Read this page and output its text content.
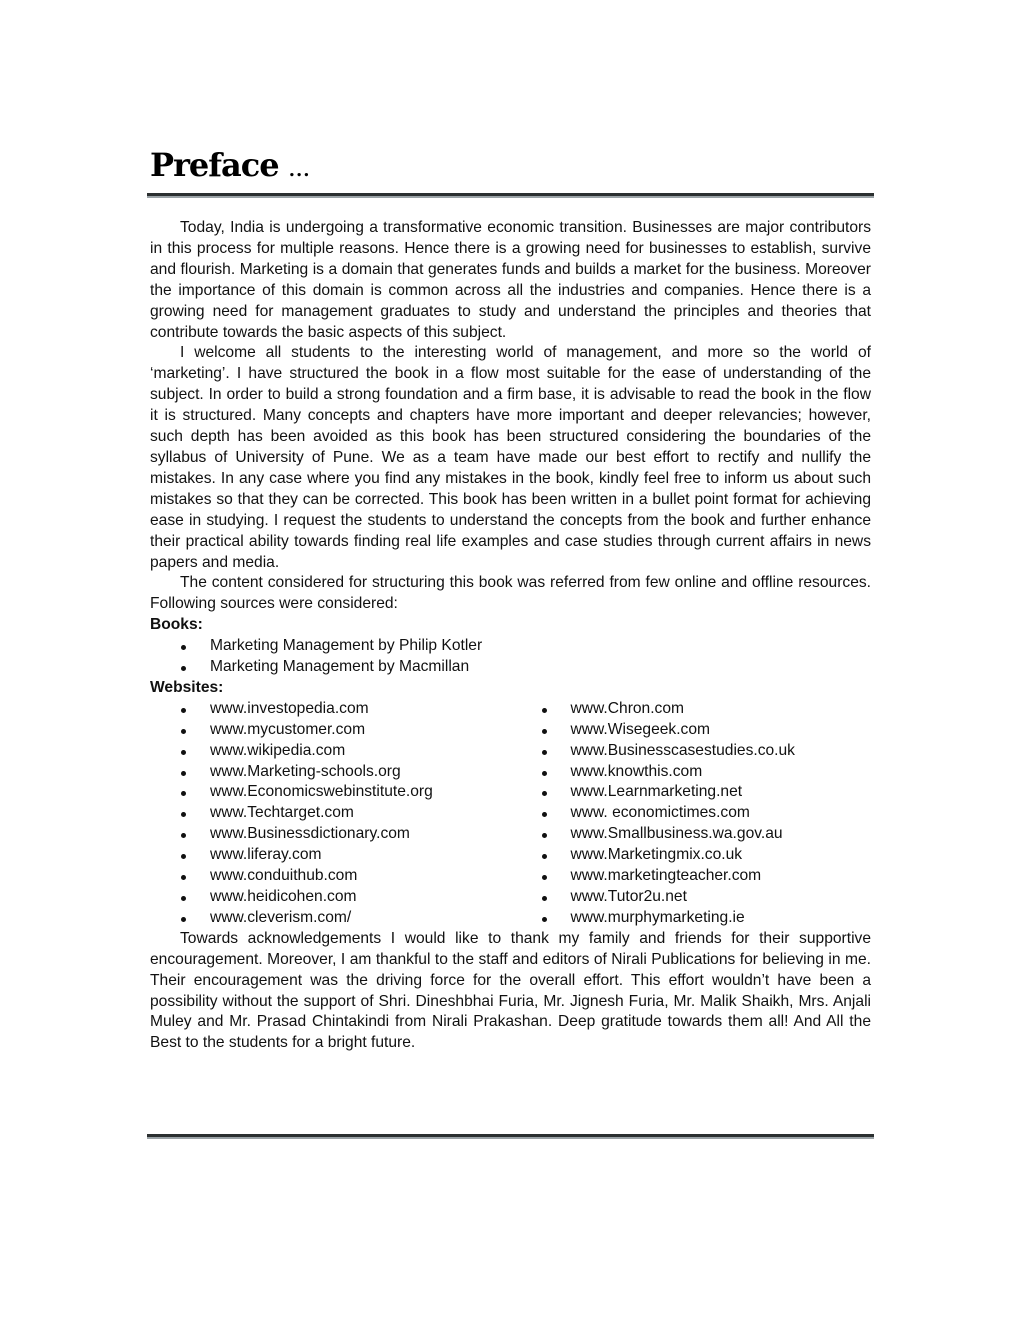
Preface ...

Today, India is undergoing a transformative economic transition. Businesses are major contributors in this process for multiple reasons. Hence there is a growing need for businesses to establish, survive and flourish. Marketing is a domain that generates funds and builds a market for the business. Moreover the importance of this domain is common across all the industries and companies. Hence there is a growing need for management graduates to study and understand the principles and theories that contribute towards the basic aspects of this subject.

I welcome all students to the interesting world of management, and more so the world of ‘marketing’. I have structured the book in a flow most suitable for the ease of understanding of the subject. In order to build a strong foundation and a firm base, it is advisable to read the book in the flow it is structured. Many concepts and chapters have more important and deeper relevancies; however, such depth has been avoided as this book has been structured considering the boundaries of the syllabus of University of Pune. We as a team have made our best effort to rectify and nullify the mistakes. In any case where you find any mistakes in the book, kindly feel free to inform us about such mistakes so that they can be corrected. This book has been written in a bullet point format for achieving ease in studying. I request the students to understand the concepts from the book and further enhance their practical ability towards finding real life examples and case studies through current affairs in news papers and media.

The content considered for structuring this book was referred from few online and offline resources. Following sources were considered:

Books:
Marketing Management by Philip Kotler
Marketing Management by Macmillan
Websites:
www.investopedia.com
www.mycustomer.com
www.wikipedia.com
www.Marketing-schools.org
www.Economicswebinstitute.org
www.Techtarget.com
www.Businessdictionary.com
www.liferay.com
www.conduithub.com
www.heidicohen.com
www.cleverism.com/
www.Chron.com
www.Wisegeek.com
www.Businesscasestudies.co.uk
www.knowthis.com
www.Learnmarketing.net
www. economictimes.com
www.Smallbusiness.wa.gov.au
www.Marketingmix.co.uk
www.marketingteacher.com
www.Tutor2u.net
www.murphymarketing.ie

Towards acknowledgements I would like to thank my family and friends for their supportive encouragement. Moreover, I am thankful to the staff and editors of Nirali Publications for believing in me. Their encouragement was the driving force for the overall effort. This effort wouldn’t have been a possibility without the support of Shri. Dineshbhai Furia, Mr. Jignesh Furia, Mr. Malik Shaikh, Mrs. Anjali Muley and Mr. Prasad Chintakindi from Nirali Prakashan. Deep gratitude towards them all! And All the Best to the students for a bright future.
